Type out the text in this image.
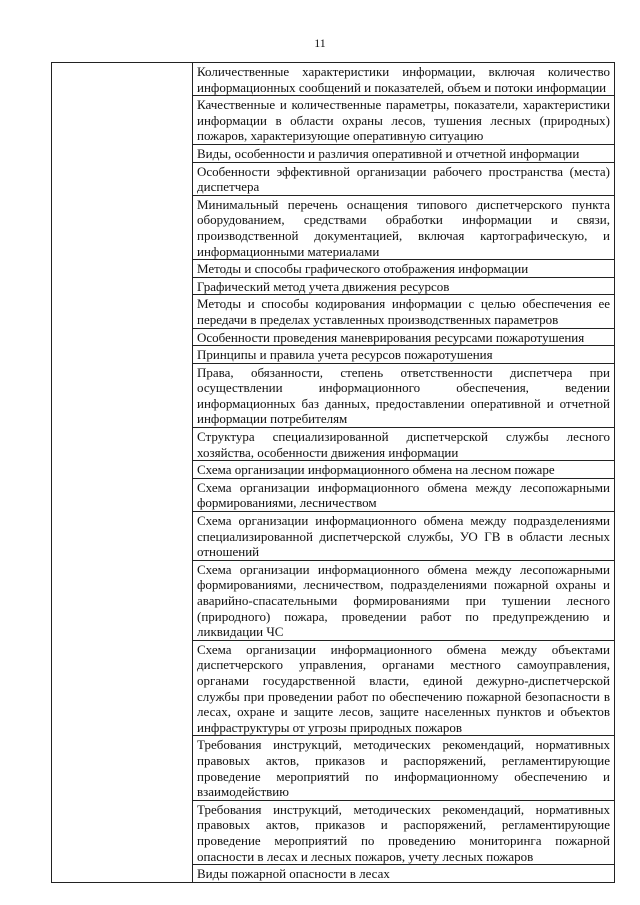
11
	Количественные характеристики информации, включая количество информационных сообщений и показателей, объем и потоки информации
Качественные и количественные параметры, показатели, характеристики информации в области охраны лесов, тушения лесных (природных) пожаров, характеризующие оперативную ситуацию
Виды, особенности и различия оперативной и отчетной информации
Особенности эффективной организации рабочего пространства (места) диспетчера
Минимальный перечень оснащения типового диспетчерского пункта оборудованием, средствами обработки информации и связи, производственной документацией, включая картографическую, и информационными материалами
Методы и способы графического отображения информации
Графический метод учета движения ресурсов
Методы и способы кодирования информации с целью обеспечения ее передачи в пределах уставленных производственных параметров
Особенности проведения маневрирования ресурсами пожаротушения
Принципы и правила учета ресурсов пожаротушения
Права, обязанности, степень ответственности диспетчера при осуществлении информационного обеспечения, ведении информационных баз данных, предоставлении оперативной и отчетной информации потребителям
Структура специализированной диспетчерской службы лесного хозяйства, особенности движения информации
Схема организации информационного обмена на лесном пожаре
Схема организации информационного обмена между лесопожарными формированиями, лесничеством
Схема организации информационного обмена между подразделениями специализированной диспетчерской службы, УО ГВ в области лесных отношений
Схема организации информационного обмена между лесопожарными формированиями, лесничеством, подразделениями пожарной охраны и аварийно-спасательными формированиями при тушении лесного (природного) пожара, проведении работ по предупреждению и ликвидации ЧС
Схема организации информационного обмена между объектами диспетчерского управления, органами местного самоуправления, органами государственной власти, единой дежурно-диспетчерской службы при проведении работ по обеспечению пожарной безопасности в лесах, охране и защите лесов, защите населенных пунктов и объектов инфраструктуры от угрозы природных пожаров
Требования инструкций, методических рекомендаций, нормативных правовых актов, приказов и распоряжений, регламентирующие проведение мероприятий по информационному обеспечению и взаимодействию
Требования инструкций, методических рекомендаций, нормативных правовых актов, приказов и распоряжений, регламентирующие проведение мероприятий по проведению мониторинга пожарной опасности в лесах и лесных пожаров, учету лесных пожаров
Виды пожарной опасности в лесах
